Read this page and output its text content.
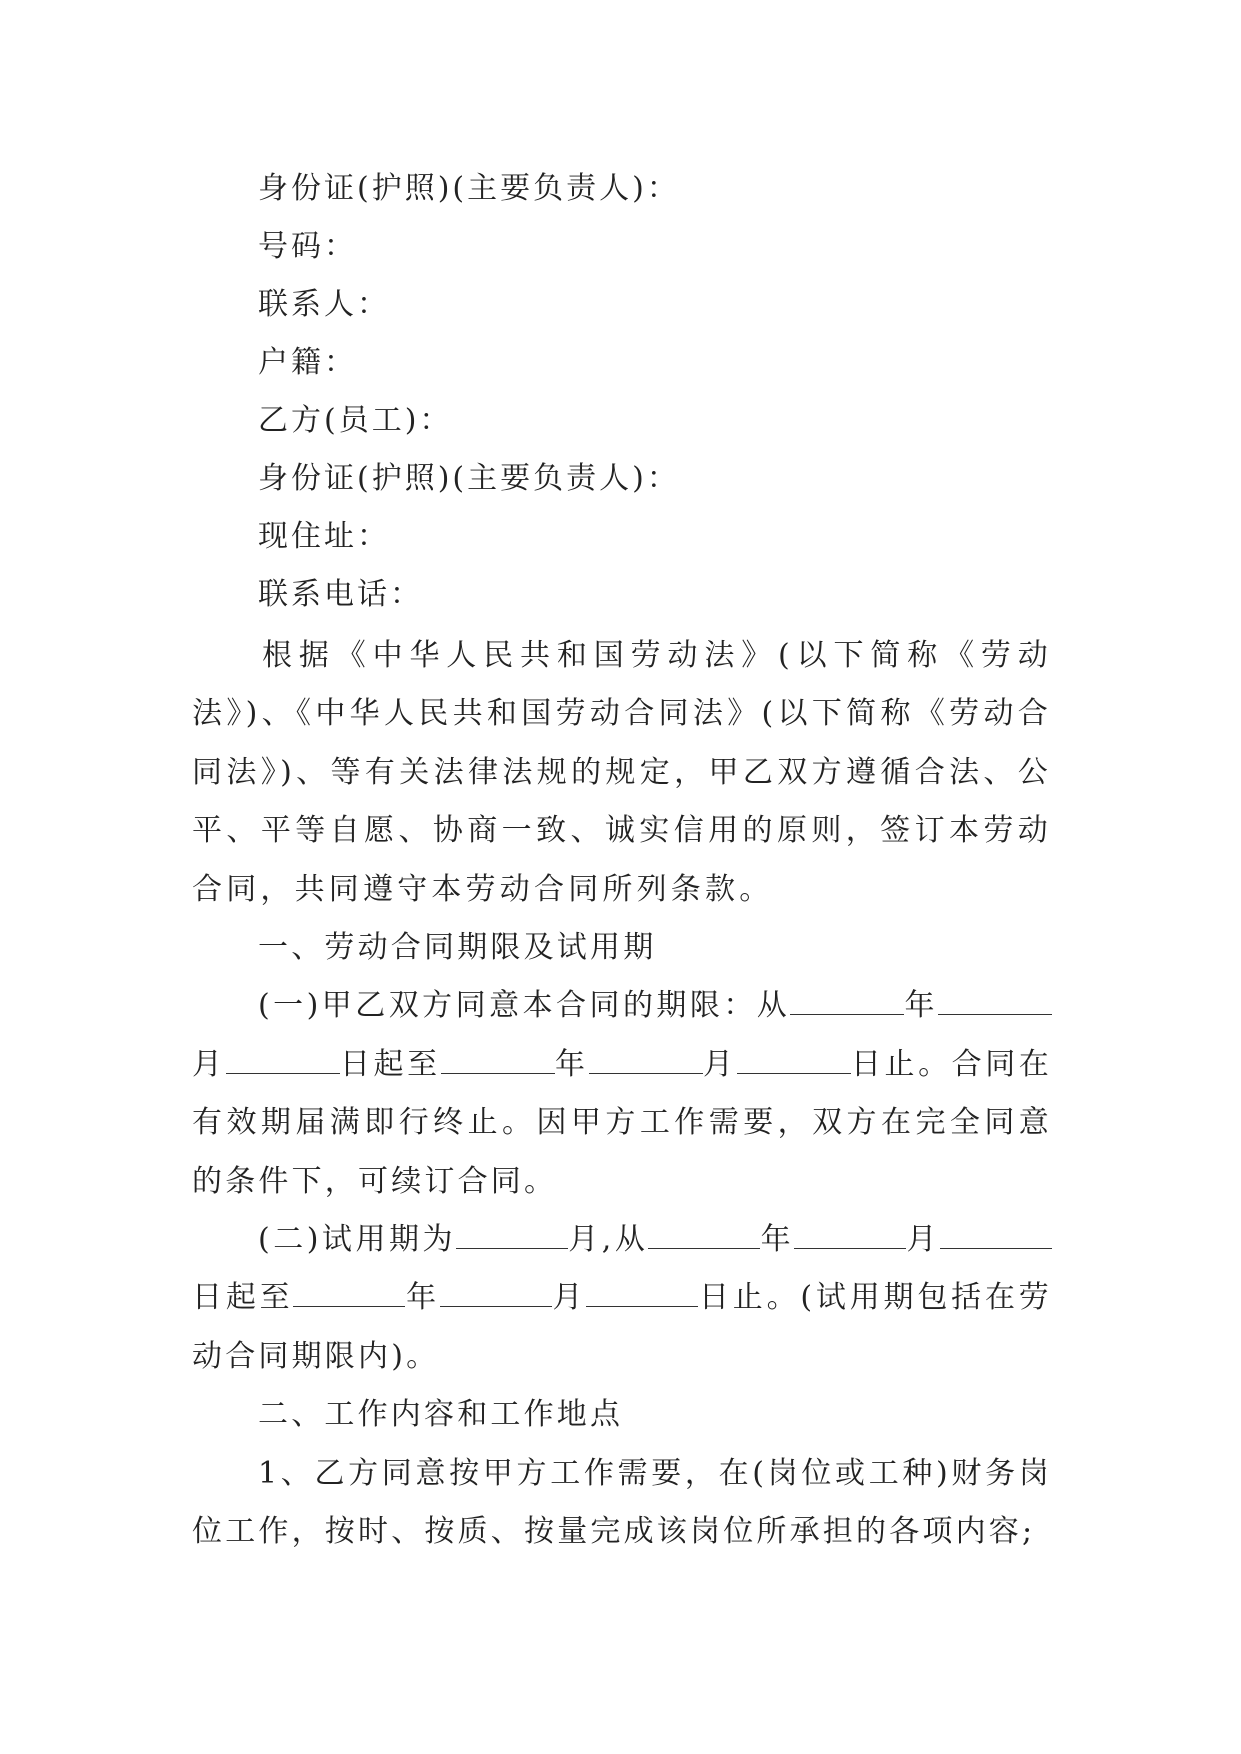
身份证(护照)(主要负责人)：
号码：
联系人：
户籍：
乙方(员工)：
身份证(护照)(主要负责人)：
现住址：
联系电话：

根据《中华人民共和国劳动法》(以下简称《劳动法》)、《中华人民共和国劳动合同法》(以下简称《劳动合同法》)、等有关法律法规的规定，甲乙双方遵循合法、公平、平等自愿、协商一致、诚实信用的原则，签订本劳动合同，共同遵守本劳动合同所列条款。

一、劳动合同期限及试用期

(一)甲乙双方同意本合同的期限：从	年月	日起至	年	月	日止。合同在有效期届满即行终止。因甲方工作需要，双方在完全同意的条件下，可续订合同。

(二)试用期为	月,从	年	月日起至	年	月	日止。(试用期包括在劳动合同期限内)。

二、工作内容和工作地点

1、乙方同意按甲方工作需要，在(岗位或工种)财务岗位工作，按时、按质、按量完成该岗位所承担的各项内容;
